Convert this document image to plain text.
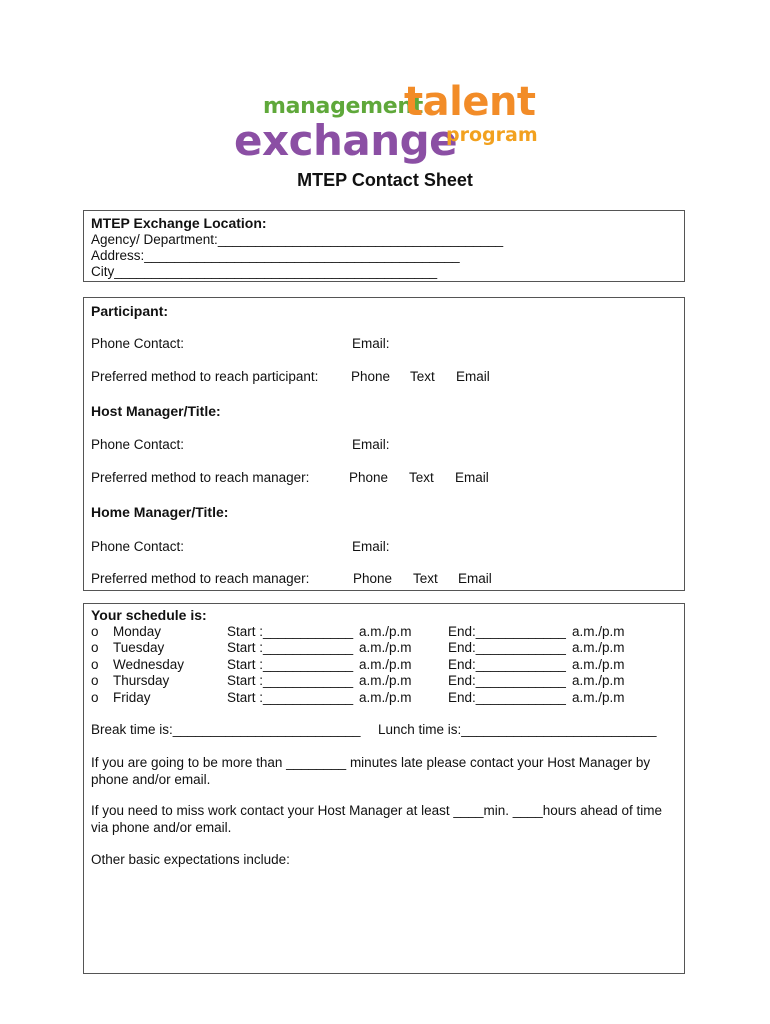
management
talent
exchange
program
MTEP Contact Sheet
MTEP Exchange Location:
Agency/ Department:______________________________________
Address:__________________________________________
City___________________________________________
Participant:
Phone Contact:	Email:
Preferred method to reach participant: Phone Text Email
Host Manager/Title:
Phone Contact:	Email:
Preferred method to reach manager:	Phone Text Email
Home Manager/Title:
Phone Contact:	Email:
Preferred method to reach manager:	Phone Text Email
Your schedule is:
o Monday	Start :____________ a.m./p.m	End:____________ a.m./p.m
o Tuesday	Start :____________ a.m./p.m	End:____________ a.m./p.m
o Wednesday	Start :____________ a.m./p.m	End:____________ a.m./p.m
o Thursday	Start :____________ a.m./p.m	End:____________ a.m./p.m
o Friday	Start :____________ a.m./p.m	End:____________ a.m./p.m
Break time is:_________________________ Lunch time is:__________________________
If you are going to be more than ________ minutes late please contact your Host Manager by
phone and/or email.
If you need to miss work contact your Host Manager at least ____min. ____hours ahead of time
via phone and/or email.
Other basic expectations include:
